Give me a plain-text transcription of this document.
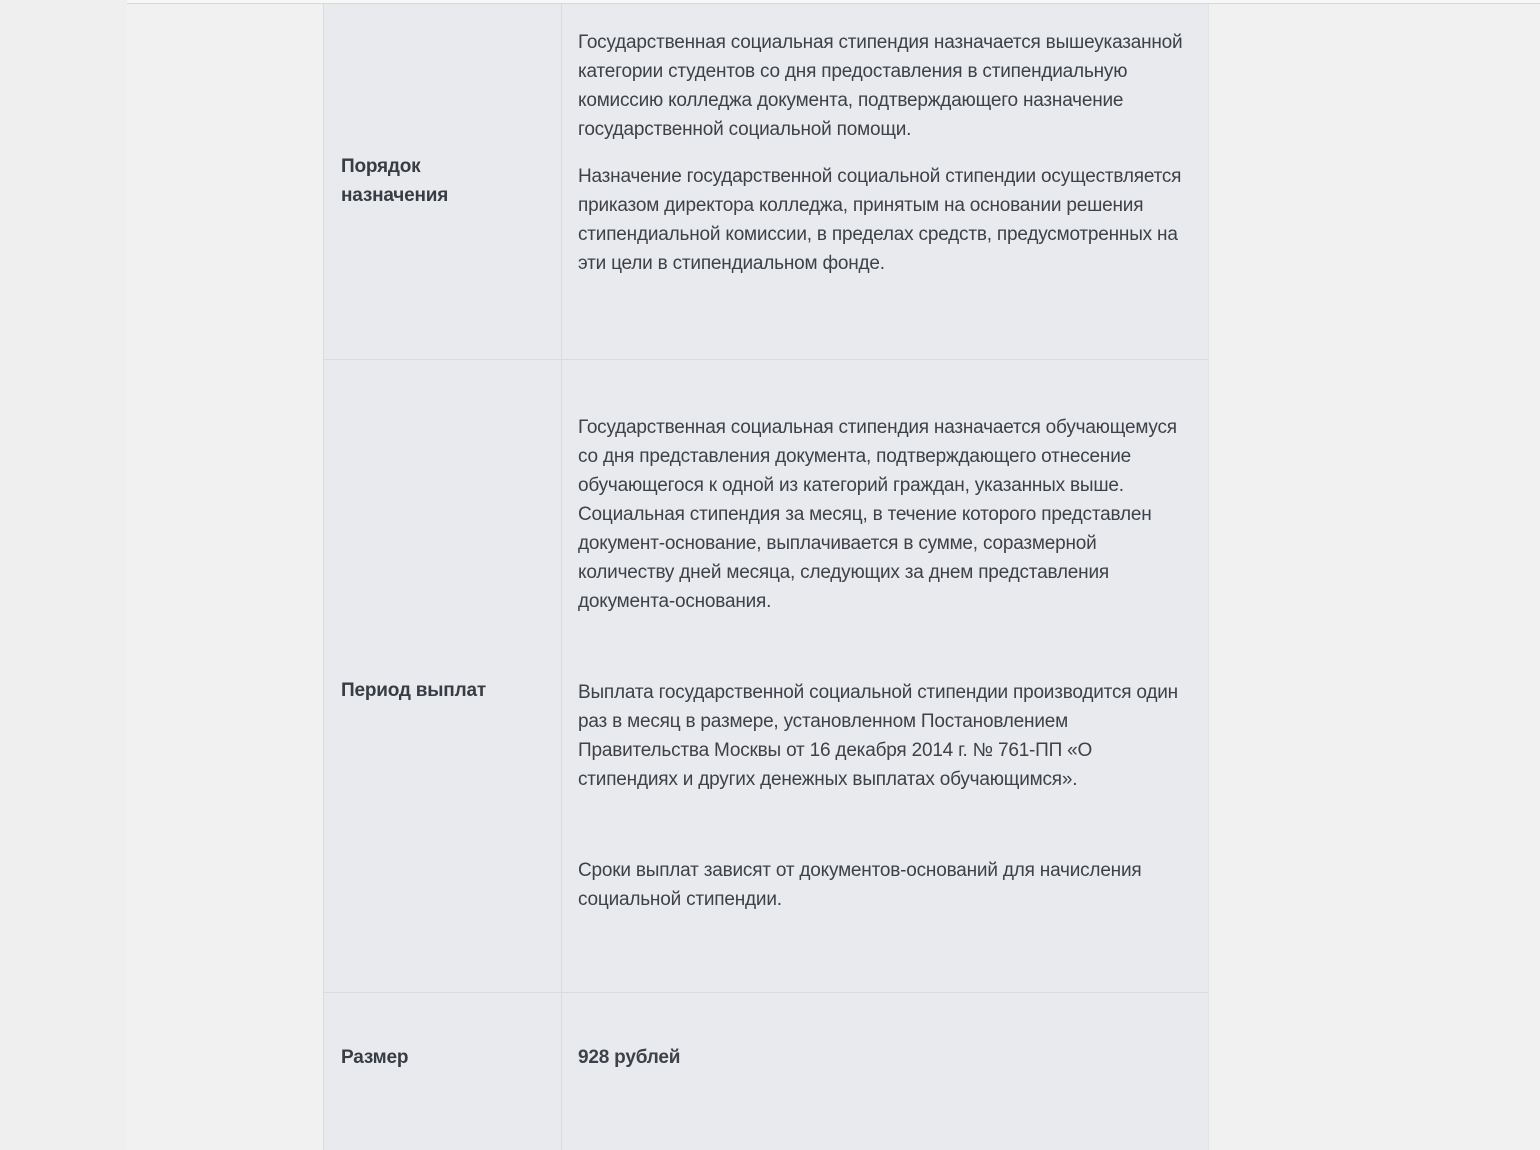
Порядок назначения

Государственная социальная стипендия назначается вышеуказанной категории студентов со дня предоставления в стипендиальную комиссию колледжа документа, подтверждающего назначение государственной социальной помощи.

Назначение государственной социальной стипендии осуществляется приказом директора колледжа, принятым на основании решения стипендиальной комиссии, в пределах средств, предусмотренных на эти цели в стипендиальном фонде.

Период выплат

Государственная социальная стипендия назначается обучающемуся со дня представления документа, подтверждающего отнесение обучающегося к одной из категорий граждан, указанных выше. Социальная стипендия за месяц, в течение которого представлен документ-основание, выплачивается в сумме, соразмерной количеству дней месяца, следующих за днем представления документа-основания.

Выплата государственной социальной стипендии производится один раз в месяц в размере, установленном Постановлением Правительства Москвы от 16 декабря 2014 г. № 761-ПП «О стипендиях и других денежных выплатах обучающимся».

Сроки выплат зависят от документов-оснований для начисления социальной стипендии.

Размер	928 рублей
